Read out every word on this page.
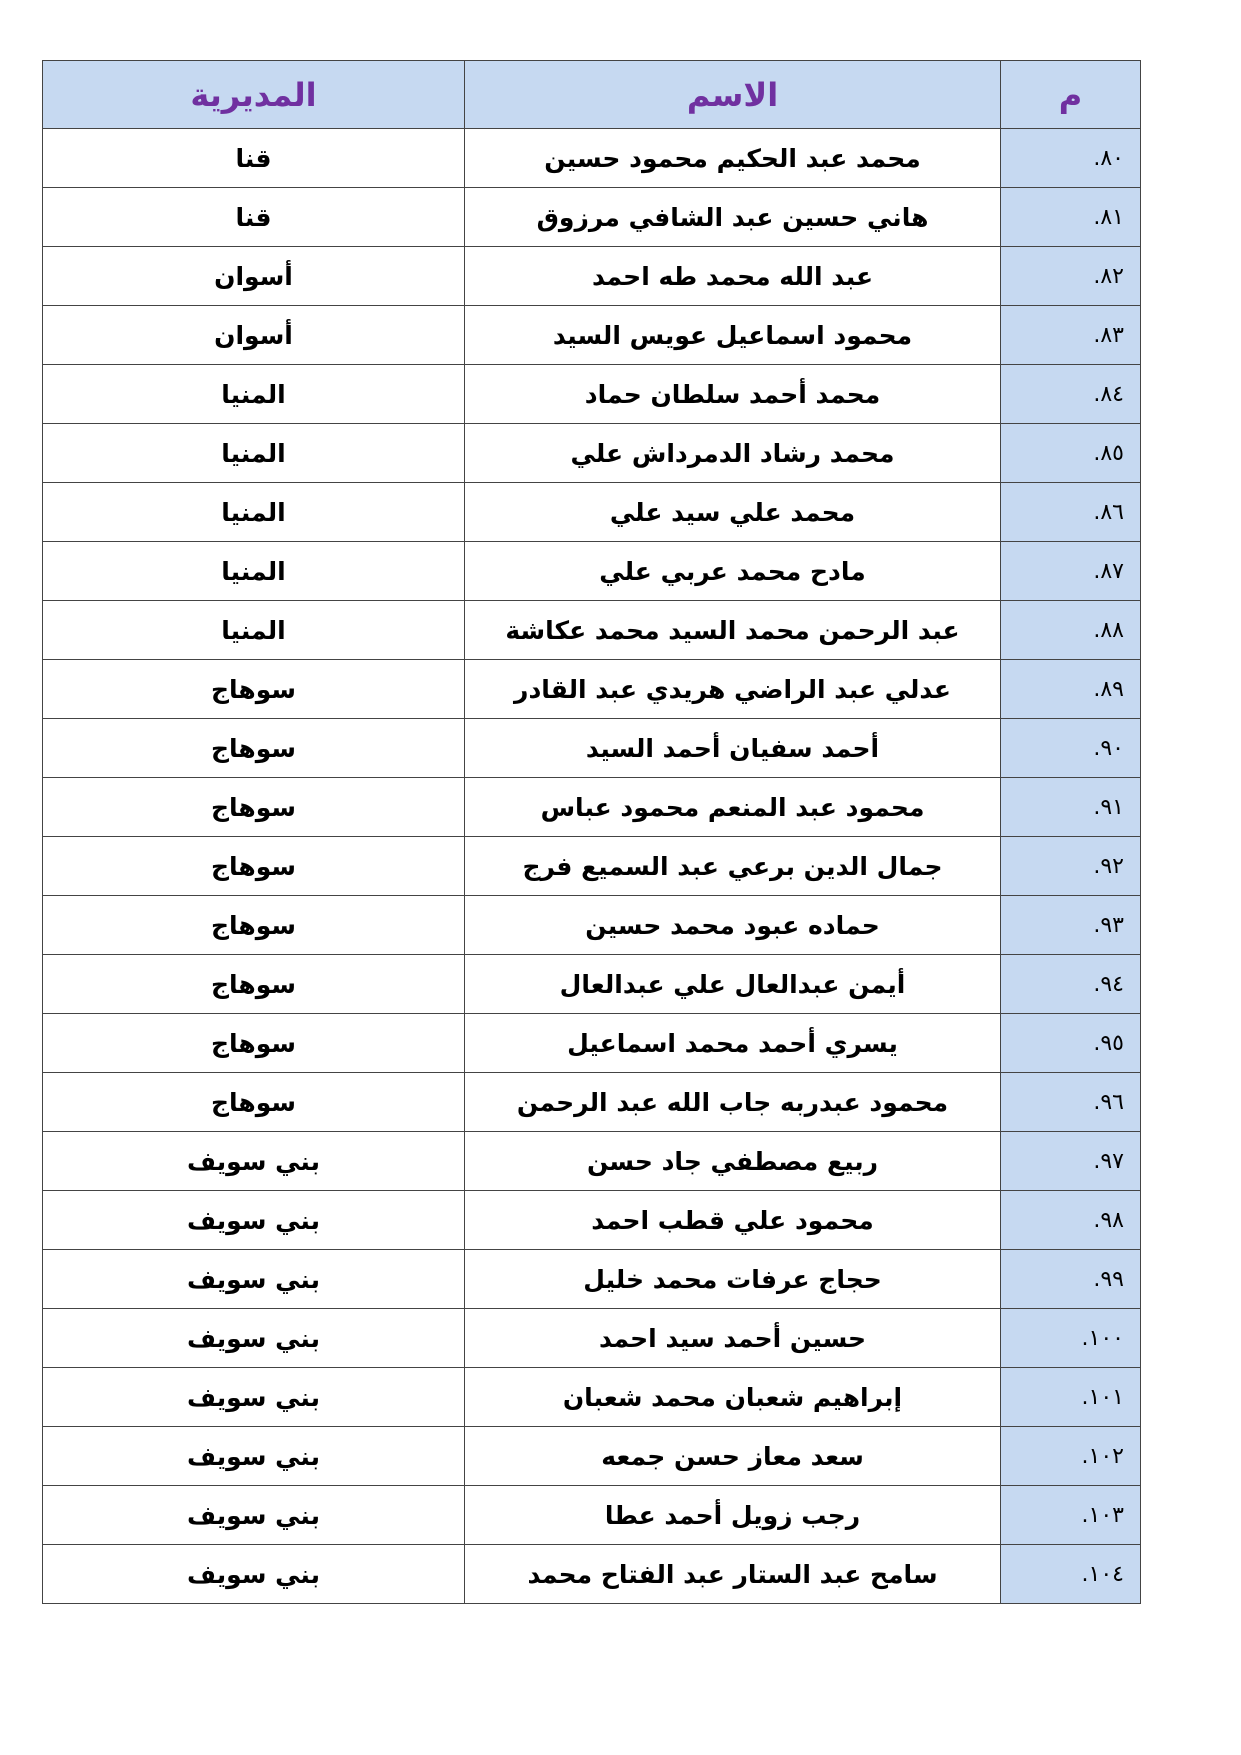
م	الاسم	المديرية
.٨٠	محمد عبد الحكيم محمود حسين	قنا
.٨١	هاني حسين عبد الشافي مرزوق	قنا
.٨٢	عبد الله محمد طه احمد	أسوان
.٨٣	محمود اسماعيل عويس السيد	أسوان
.٨٤	محمد أحمد سلطان حماد	المنيا
.٨٥	محمد رشاد الدمرداش علي	المنيا
.٨٦	محمد علي سيد علي	المنيا
.٨٧	مادح محمد عربي علي	المنيا
.٨٨	عبد الرحمن محمد السيد محمد عكاشة	المنيا
.٨٩	عدلي عبد الراضي هريدي عبد القادر	سوهاج
.٩٠	أحمد سفيان أحمد السيد	سوهاج
.٩١	محمود عبد المنعم محمود عباس	سوهاج
.٩٢	جمال الدين برعي عبد السميع فرج	سوهاج
.٩٣	حماده عبود محمد حسين	سوهاج
.٩٤	أيمن عبدالعال علي عبدالعال	سوهاج
.٩٥	يسري أحمد محمد اسماعيل	سوهاج
.٩٦	محمود عبدربه جاب الله عبد الرحمن	سوهاج
.٩٧	ربيع مصطفي جاد حسن	بني سويف
.٩٨	محمود علي قطب احمد	بني سويف
.٩٩	حجاج عرفات محمد خليل	بني سويف
.١٠٠	حسين أحمد سيد احمد	بني سويف
.١٠١	إبراهيم شعبان محمد شعبان	بني سويف
.١٠٢	سعد معاز حسن جمعه	بني سويف
.١٠٣	رجب زويل أحمد عطا	بني سويف
.١٠٤	سامح عبد الستار عبد الفتاح محمد	بني سويف
